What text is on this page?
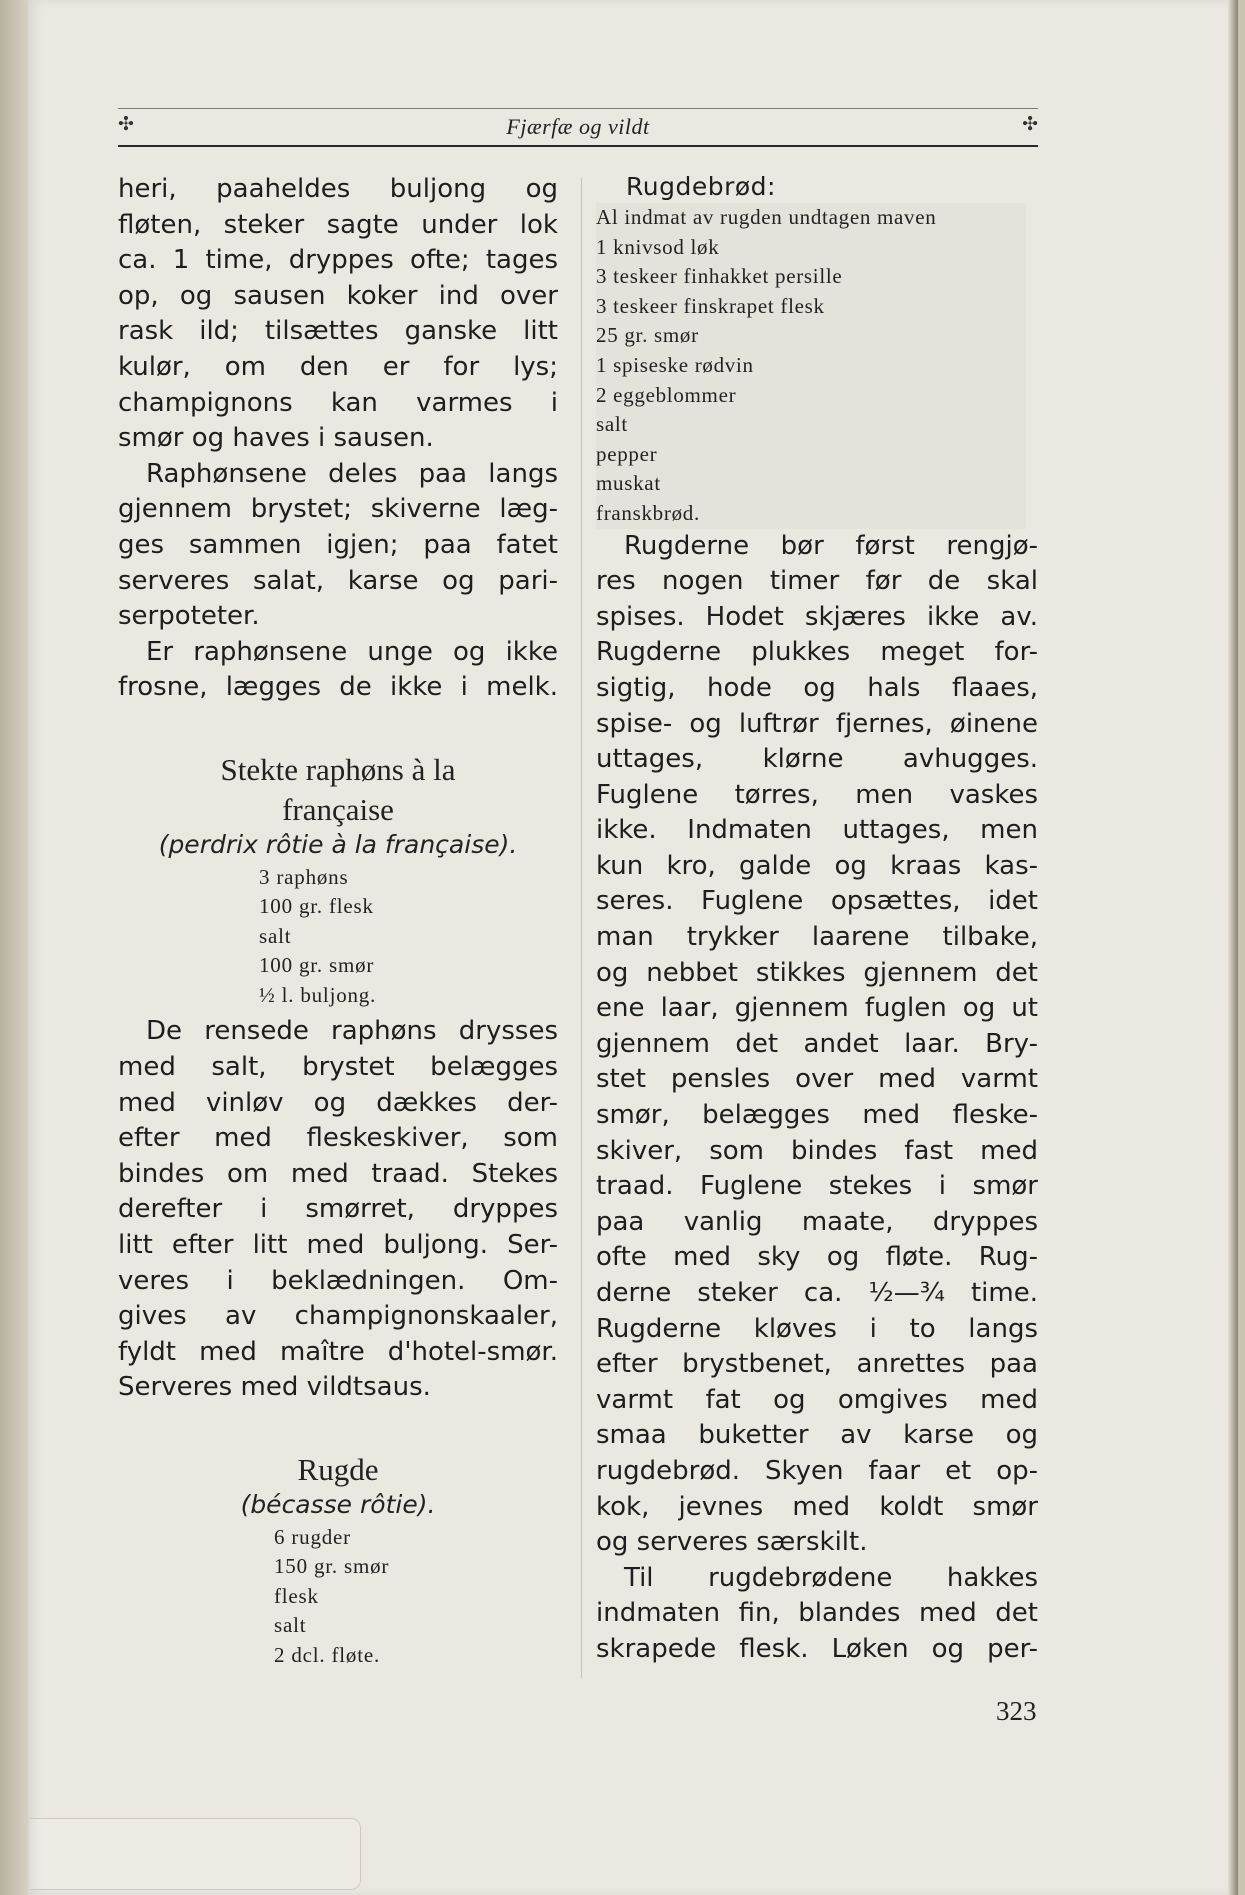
✣	Fjærfæ og vildt	✣

heri, paaheldes buljong og

fløten, steker sagte under lok

ca. 1 time, dryppes ofte; tages

op, og sausen koker ind over

rask ild; tilsættes ganske litt

kulør, om den er for lys;

champignons kan varmes i

smør og haves i sausen.

Raphønsene deles paa langs

gjennem brystet; skiverne læg-

ges sammen igjen; paa fatet

serveres salat, karse og pari-

serpoteter.

Er raphønsene unge og ikke

frosne, lægges de ikke i melk.

Stekte raphøns à la

française

(perdrix rôtie à la française).

3 raphøns
100 gr. flesk
salt
100 gr. smør
½ l. buljong.

De rensede raphøns drysses

med salt, brystet belægges

med vinløv og dækkes der-

efter med fleskeskiver, som

bindes om med traad. Stekes

derefter i smørret, dryppes

litt efter litt med buljong. Ser-

veres i beklædningen. Om-

gives av champignonskaaler,

fyldt med maître d'hotel-smør.

Serveres med vildtsaus.

Rugde

(bécasse rôtie).

6 rugder
150 gr. smør
flesk
salt
2 dcl. fløte.

Rugdebrød:

Al indmat av rugden undtagen maven
1 knivsod løk
3 teskeer finhakket persille
3 teskeer finskrapet flesk
25 gr. smør
1 spiseske rødvin
2 eggeblommer
salt
pepper
muskat
franskbrød.

Rugderne bør først rengjø-

res nogen timer før de skal

spises. Hodet skjæres ikke av.

Rugderne plukkes meget for-

sigtig, hode og hals flaaes,

spise- og luftrør fjernes, øinene

uttages, klørne avhugges.

Fuglene tørres, men vaskes

ikke. Indmaten uttages, men

kun kro, galde og kraas kas-

seres. Fuglene opsættes, idet

man trykker laarene tilbake,

og nebbet stikkes gjennem det

ene laar, gjennem fuglen og ut

gjennem det andet laar. Bry-

stet pensles over med varmt

smør, belægges med fleske-

skiver, som bindes fast med

traad. Fuglene stekes i smør

paa vanlig maate, dryppes

ofte med sky og fløte. Rug-

derne steker ca. ½—¾ time.

Rugderne kløves i to langs

efter brystbenet, anrettes paa

varmt fat og omgives med

smaa buketter av karse og

rugdebrød. Skyen faar et op-

kok, jevnes med koldt smør

og serveres særskilt.

Til rugdebrødene hakkes

indmaten fin, blandes med det

skrapede flesk. Løken og per-

323
